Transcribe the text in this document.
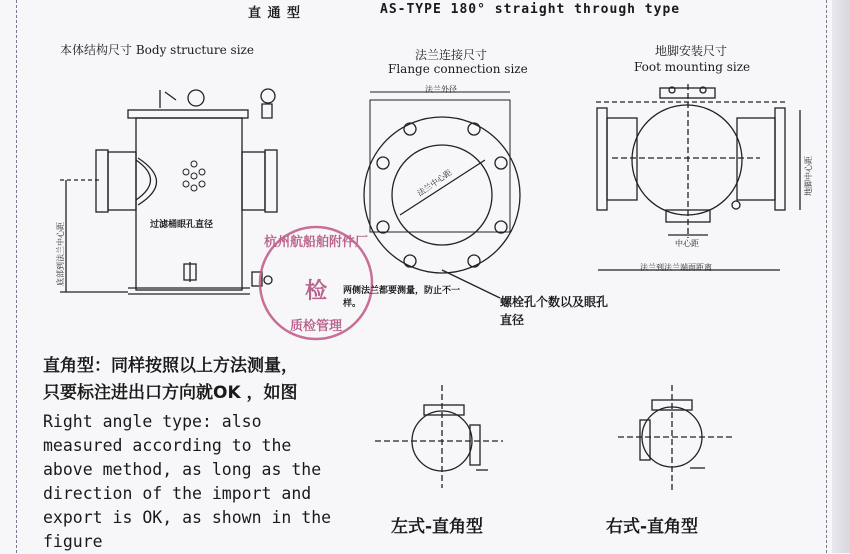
直 通 型	AS-TYPE 180° straight through type
本体结构尺寸 Body structure size	法兰连接尺寸
Flange connection size
地脚安装尺寸
Foot mounting size
检
杭州航船舶附件厂
质检管理
过滤桶眼孔直径
底部到法兰中心距
法兰外径
法兰中心距
两侧法兰都要测量，防止不一样。	螺栓孔个数以及眼孔
直径
中心距
地脚中心距
法兰到法兰端面距离
直角型：同样按照以上方法测量，
只要标注进出口方向就OK ，如图
Right angle type: also
measured according to the
above method, as long as the
direction of the import and
export is OK, as shown in the
figure
左式-直角型	右式-直角型
